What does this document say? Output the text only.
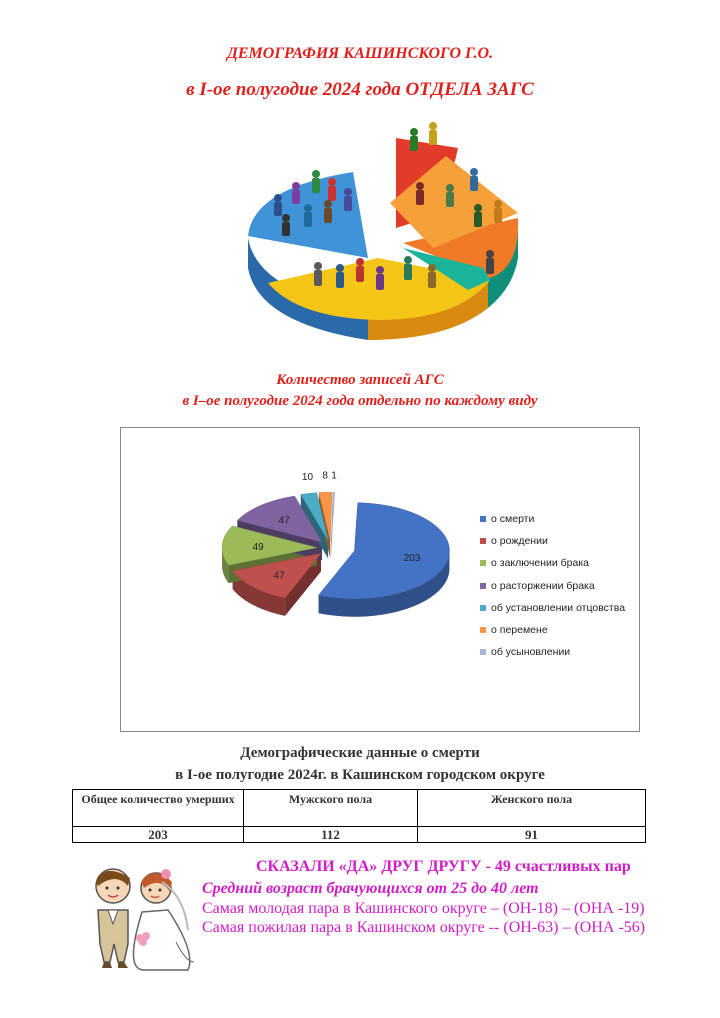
ДЕМОГРАФИЯ КАШИНСКОГО Г.О.
в I-ое полугодие 2024 года ОТДЕЛА ЗАГС
Количество записей АГС
в I–ое полугодие 2024 года отдельно по каждому виду
203
47
49
47
10 8 1
о смерти
о рождении
о заключении брака
о расторжении брака
об установлении отцовства
о перемене
об усыновлении
Демографические данные о смерти
в I-ое полугодие 2024г. в Кашинском городском округе
Общее количество умерших	Мужского пола	Женского пола
203	112	91
СКАЗАЛИ «ДА» ДРУГ ДРУГУ - 49 счастливых пар
Средний возраст брачующихся от 25 до 40 лет
Самая молодая пара в Кашинского округе – (ОН-18) – (ОНА -19)
Самая пожилая пара в Кашинском округе -- (ОН-63) – (ОНА -56)
